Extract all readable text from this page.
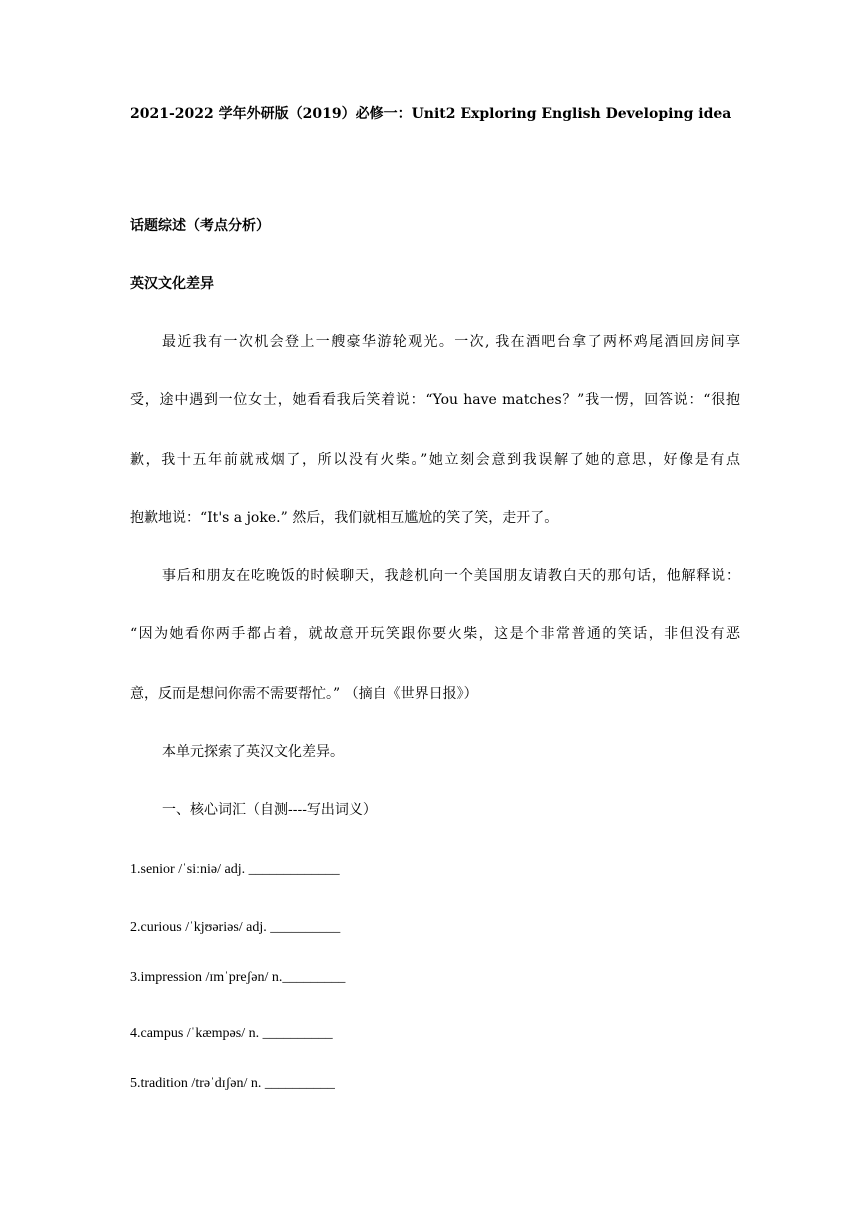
2021-2022 学年外研版（2019）必修一：Unit2 Exploring English Developing idea
话题综述（考点分析）
英汉文化差异
最近我有一次机会登上一艘豪华游轮观光。一次, 我在酒吧台拿了两杯鸡尾酒回房间享
受，途中遇到一位女士，她看看我后笑着说：“You have matches？”我一愣，回答说：“很抱
歉，我十五年前就戒烟了，所以没有火柴。”她立刻会意到我误解了她的意思，好像是有点
抱歉地说：“It's a joke.” 然后，我们就相互尴尬的笑了笑，走开了。
事后和朋友在吃晚饭的时候聊天，我趁机向一个美国朋友请教白天的那句话，他解释说：
“因为她看你两手都占着，就故意开玩笑跟你要火柴，这是个非常普通的笑话，非但没有恶
意，反而是想问你需不需要帮忙。” （摘自《世界日报》）
本单元探索了英汉文化差异。
一、核心词汇（自测----写出词义）
1.senior /ˈsiːniə/ adj. _____________
2.curious /ˈkjʊəriəs/ adj. __________
3.impression /ɪmˈpreʃən/ n._________
4.campus /ˈkæmpəs/ n. __________
5.tradition /trəˈdɪʃən/ n. __________
